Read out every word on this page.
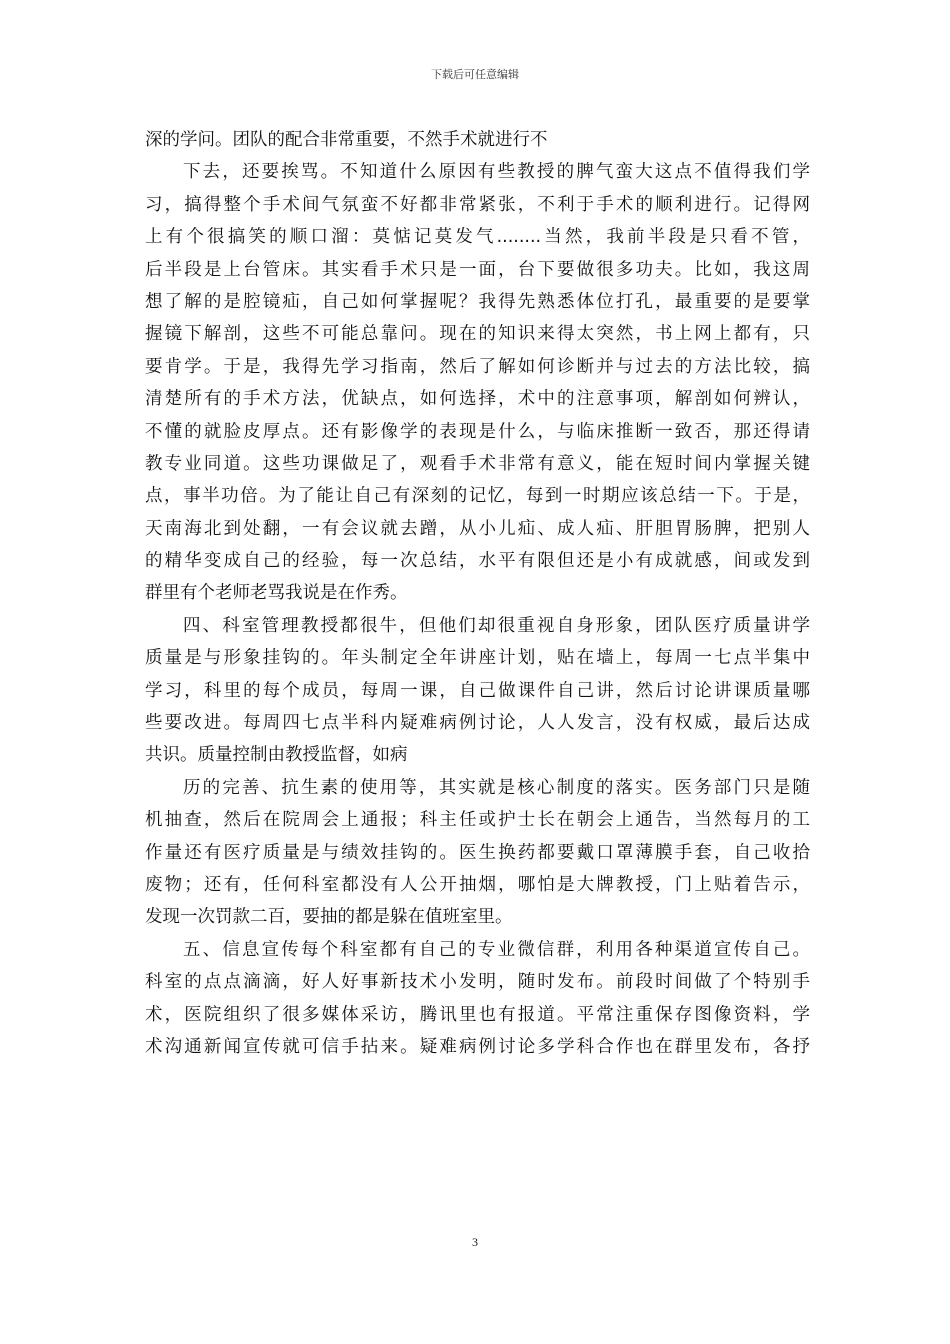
下载后可任意编辑
深的学问。团队的配合非常重要，不然手术就进行不
下去，还要挨骂。不知道什么原因有些教授的脾气蛮大这点不值得我们学
习，搞得整个手术间气氛蛮不好都非常紧张，不利于手术的顺利进行。记得网
上有个很搞笑的顺口溜：莫惦记莫发气........当然，我前半段是只看不管，
后半段是上台管床。其实看手术只是一面，台下要做很多功夫。比如，我这周
想了解的是腔镜疝，自己如何掌握呢？我得先熟悉体位打孔，最重要的是要掌
握镜下解剖，这些不可能总靠问。现在的知识来得太突然，书上网上都有，只
要肯学。于是，我得先学习指南，然后了解如何诊断并与过去的方法比较，搞
清楚所有的手术方法，优缺点，如何选择，术中的注意事项，解剖如何辨认，
不懂的就脸皮厚点。还有影像学的表现是什么，与临床推断一致否，那还得请
教专业同道。这些功课做足了，观看手术非常有意义，能在短时间内掌握关键
点，事半功倍。为了能让自己有深刻的记忆，每到一时期应该总结一下。于是，
天南海北到处翻，一有会议就去蹭，从小儿疝、成人疝、肝胆胃肠脾，把别人
的精华变成自己的经验，每一次总结，水平有限但还是小有成就感，间或发到
群里有个老师老骂我说是在作秀。
四、科室管理教授都很牛，但他们却很重视自身形象，团队医疗质量讲学
质量是与形象挂钩的。年头制定全年讲座计划，贴在墙上，每周一七点半集中
学习，科里的每个成员，每周一课，自己做课件自己讲，然后讨论讲课质量哪
些要改进。每周四七点半科内疑难病例讨论，人人发言，没有权威，最后达成
共识。质量控制由教授监督，如病
历的完善、抗生素的使用等，其实就是核心制度的落实。医务部门只是随
机抽查，然后在院周会上通报；科主任或护士长在朝会上通告，当然每月的工
作量还有医疗质量是与绩效挂钩的。医生换药都要戴口罩薄膜手套，自己收拾
废物；还有，任何科室都没有人公开抽烟，哪怕是大牌教授，门上贴着告示，
发现一次罚款二百，要抽的都是躲在值班室里。
五、信息宣传每个科室都有自己的专业微信群，利用各种渠道宣传自己。
科室的点点滴滴，好人好事新技术小发明，随时发布。前段时间做了个特别手
术，医院组织了很多媒体采访，腾讯里也有报道。平常注重保存图像资料，学
术沟通新闻宣传就可信手拈来。疑难病例讨论多学科合作也在群里发布，各抒
3
